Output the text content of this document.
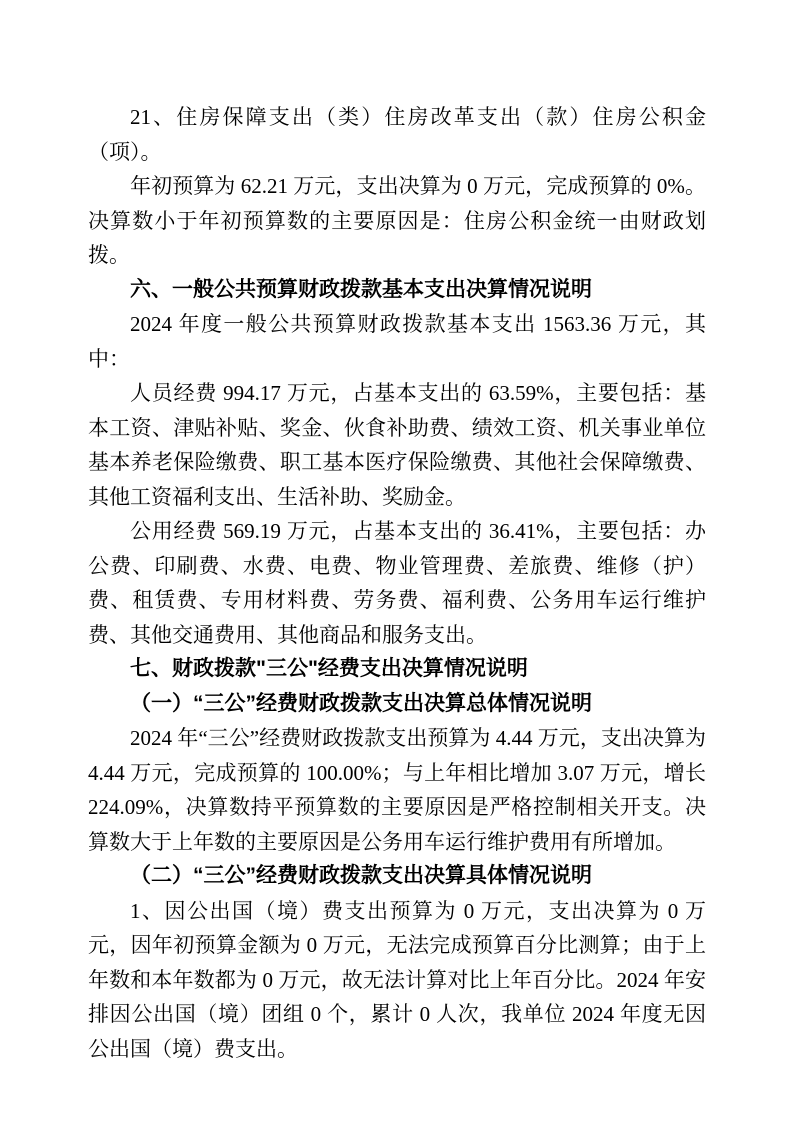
21、住房保障支出（类）住房改革支出（款）住房公积金（项）。

年初预算为 62.21 万元，支出决算为 0 万元，完成预算的 0%。决算数小于年初预算数的主要原因是：住房公积金统一由财政划拨。

六、一般公共预算财政拨款基本支出决算情况说明

2024 年度一般公共预算财政拨款基本支出 1563.36 万元，其中：

人员经费 994.17 万元，占基本支出的 63.59%，主要包括：基本工资、津贴补贴、奖金、伙食补助费、绩效工资、机关事业单位基本养老保险缴费、职工基本医疗保险缴费、其他社会保障缴费、其他工资福利支出、生活补助、奖励金。

公用经费 569.19 万元，占基本支出的 36.41%，主要包括：办公费、印刷费、水费、电费、物业管理费、差旅费、维修（护）费、租赁费、专用材料费、劳务费、福利费、公务用车运行维护费、其他交通费用、其他商品和服务支出。

七、财政拨款"三公"经费支出决算情况说明

（一）“三公”经费财政拨款支出决算总体情况说明

2024 年“三公”经费财政拨款支出预算为 4.44 万元，支出决算为 4.44 万元，完成预算的 100.00%；与上年相比增加 3.07 万元，增长 224.09%，决算数持平预算数的主要原因是严格控制相关开支。决算数大于上年数的主要原因是公务用车运行维护费用有所增加。

（二）“三公”经费财政拨款支出决算具体情况说明

1、因公出国（境）费支出预算为 0 万元，支出决算为 0 万元，因年初预算金额为 0 万元，无法完成预算百分比测算；由于上年数和本年数都为 0 万元，故无法计算对比上年百分比。2024 年安排因公出国（境）团组 0 个，累计 0 人次，我单位 2024 年度无因公出国（境）费支出。
